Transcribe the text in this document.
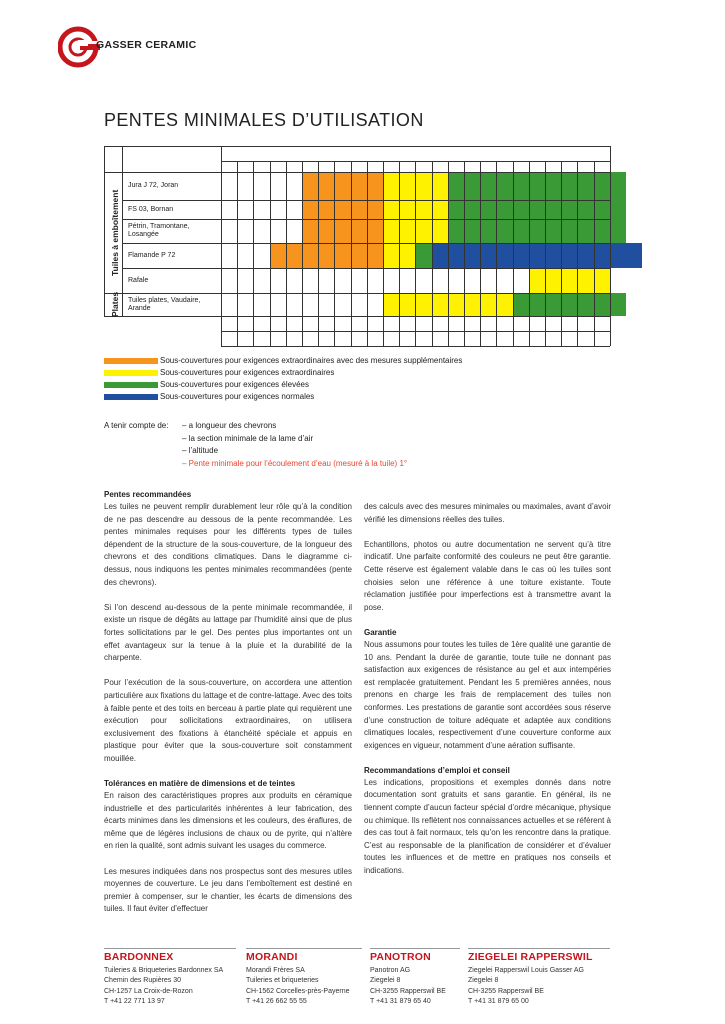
GASSER CERAMIC
PENTES MINIMALES D’UTILISATION
Jura J 72, Joran
FS 03, Bornan
Pétrin, Tramontane, Losangée
Flamande P 72
Rafale
Tuiles plates, Vaudaire, Arande
Tuiles à emboîtement
Plates
Sous-couvertures pour exigences extraordinaires avec des mesures supplémentaires
Sous-couvertures pour exigences extraordinaires
Sous-couvertures pour exigences élevées
Sous-couvertures pour exigences normales
A tenir compte de: – a longueur des chevrons
– la section minimale de la lame d’air
– l’altitude
– Pente minimale pour l’écoulement d’eau (mesuré à la tuile) 1°
Pentes recommandées

Les tuiles ne peuvent remplir durablement leur rôle qu’à la condition de ne pas descendre au dessous de la pente recommandée. Les pentes minimales requises pour les différents types de tuiles dépendent de la structure de la sous-couverture, de la longueur des chevrons et des conditions climatiques. Dans le diagramme ci-dessus, nous indiquons les pentes minimales recommandées (pente des chevrons).

Si l’on descend au-dessous de la pente minimale recommandée, il existe un risque de dégâts au lattage par l’humidité ainsi que de plus fortes sollicitations par le gel. Des pentes plus importantes ont un effet avantageux sur la tenue à la pluie et la durabilité de la charpente.

Pour l’exécution de la sous-couverture, on accordera une attention particulière aux fixations du lattage et de contre-lattage. Avec des toits à faible pente et des toits en berceau à partie plate qui requièrent une exécution pour sollicitations extraordinaires, on utilisera exclusivement des fixations à étanchéité spéciale et appuis en plastique pour éviter que la sous-couverture soit constamment mouillée.

Tolérances en matière de dimensions et de teintes

En raison des caractéristiques propres aux produits en céramique industrielle et des particularités inhérentes à leur fabrication, des écarts minimes dans les dimensions et les couleurs, des éraflures, de même que de légères inclusions de chaux ou de pyrite, qui n’altère en rien la qualité, sont admis suivant les usages du commerce.

Les mesures indiquées dans nos prospectus sont des mesures utiles moyennes de couverture. Le jeu dans l’emboîtement est destiné en premier à compenser, sur le chantier, les écarts de dimensions des tuiles. Il faut éviter d’effectuer

des calculs avec des mesures minimales ou maximales, avant d’avoir vérifié les dimensions réelles des tuiles.

Echantillons, photos ou autre documentation ne servent qu’à titre indicatif. Une parfaite conformité des couleurs ne peut être garantie. Cette réserve est également valable dans le cas où les tuiles sont choisies selon une référence à une toiture existante. Toute réclamation justifiée pour imperfections est à transmettre avant la pose.

Garantie

Nous assumons pour toutes les tuiles de 1ère qualité une garantie de 10 ans. Pendant la durée de garantie, toute tuile ne donnant pas satisfaction aux exigences de résistance au gel et aux intempéries est remplacée gratuitement. Pendant les 5 premières années, nous prenons en charge les frais de remplacement des tuiles non conformes. Les prestations de garantie sont accordées sous réserve d’une construction de toiture adéquate et adaptée aux conditions climatiques locales, respectivement d’une couverture conforme aux exigences en vigueur, notamment d’une aération suffisante.

Recommandations d’emploi et conseil

Les indications, propositions et exemples donnés dans notre documentation sont gratuits et sans garantie. En général, ils ne tiennent compte d’aucun facteur spécial d’ordre mécanique, physique ou chimique. Ils reflètent nos connaissances actuelles et se réfèrent à des cas tout à fait normaux, tels qu’on les rencontre dans la pratique. C’est au responsable de la planification de considérer et d’évaluer toutes les influences et de mettre en pratiques nos conseils et indications.

BARDONNEX
Tuileries & Briqueteries Bardonnex SA
Chemin des Rupières 30
CH-1257 La Croix-de-Rozon
T +41 22 771 13 97
MORANDI
Morandi Frères SA
Tuileries et briqueteries
CH-1562 Corcelles-près-Payerne
T +41 26 662 55 55
PANOTRON
Panotron AG
Ziegelei 8
CH-3255 Rapperswil BE
T +41 31 879 65 40
ZIEGELEI RAPPERSWIL
Ziegelei Rapperswil Louis Gasser AG
Ziegelei 8
CH-3255 Rapperswil BE
T +41 31 879 65 00
